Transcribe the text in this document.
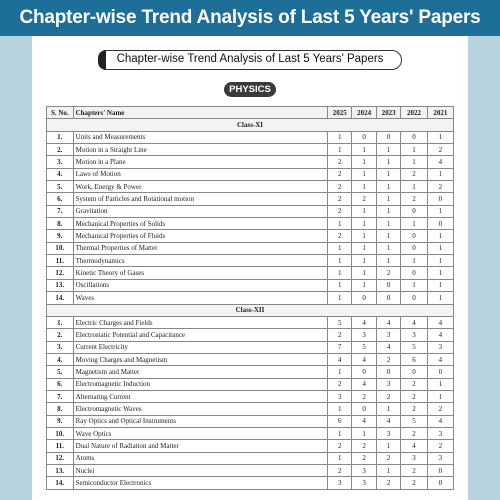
Chapter-wise Trend Analysis of Last 5 Years' Papers
Chapter-wise Trend Analysis of Last 5 Years' Papers
PHYSICS
S. No.	Chapters' Name	2025	2024	2023	2022	2021
Class-XI						
1.	Units and Measurements	1	0	0	0	1
2.	Motion in a Straight Line	1	1	1	1	2
3.	Motion in a Plane	2	1	1	1	4
4.	Laws of Motion	2	1	1	2	1
5.	Work, Energy & Power	2	1	1	1	2
6.	System of Particles and Rotational motion	2	2	1	2	0
7.	Gravitation	2	1	1	0	1
8.	Mechanical Properties of Solids	1	1	1	1	0
9.	Mechanical Properties of Fluids	2	1	1	0	1
10.	Thermal Properties of Matter	1	1	1	0	1
11.	Thermodynamics	1	1	1	1	1
12.	Kinetic Theory of Gases	1	1	2	0	1
13.	Oscillations	1	1	0	1	1
14.	Waves	1	0	0	0	1
Class-XII						
1.	Electric Charges and Fields	5	4	4	4	4
2.	Electrostatic Potential and Capacitance	2	3	3	3	4
3.	Current Electricity	7	5	4	5	3
4.	Moving Charges and Magnetism	4	4	2	6	4
5.	Magnetism and Matter	1	0	0	0	0
6.	Electromagnetic Induction	2	4	3	2	1
7.	Alternating Current	3	2	2	2	1
8.	Electromagnetic Waves	1	0	1	2	2
9.	Ray Optics and Optical Instruments	6	4	4	5	4
10.	Wave Optics	1	1	3	2	3
11.	Dual Nature of Radiation and Matter	2	2	1	4	2
12.	Atoms	1	2	2	3	3
13.	Nuclei	2	3	1	2	0
14.	Semiconductor Electronics	3	3	2	2	0
